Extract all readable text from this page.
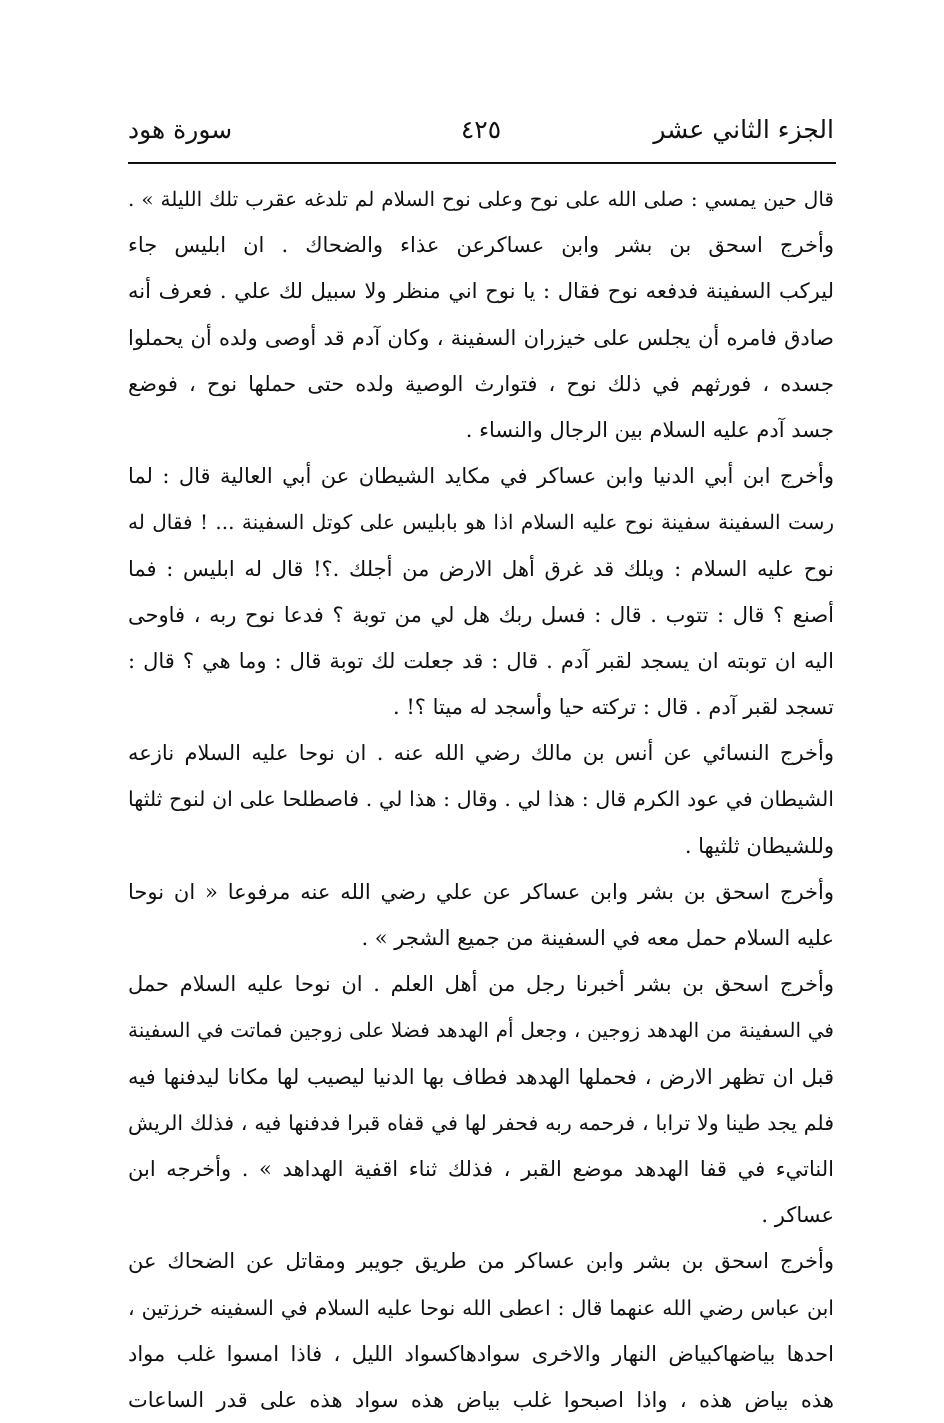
الجزء الثاني عشر
٤٢٥
سورة هود
قال حين يمسي : صلى الله على نوح وعلى نوح السلام لم تلدغه عقرب تلك الليلة » .
وأخرج اسحق بن بشر وابن عساكرعن عذاء والضحاك . ان ابليس جاء
ليركب السفينة فدفعه نوح فقال : يا نوح اني منظر ولا سبيل لك علي . فعرف أنه
صادق فامره أن يجلس على خيزران السفينة ، وكان آدم قد أوصى ولده أن يحملوا
جسده ، فورثهم في ذلك نوح ، فتوارث الوصية ولده حتى حملها نوح ، فوضع
جسد آدم عليه السلام بين الرجال والنساء .
وأخرج ابن أبي الدنيا وابن عساكر في مكايد الشيطان عن أبي العالية قال : لما
رست السفينة سفينة نوح عليه السلام اذا هو بابليس على كوتل السفينة ... ! فقال له
نوح عليه السلام : ويلك قد غرق أهل الارض من أجلك .؟! قال له ابليس : فما
أصنع ؟ قال : تتوب . قال : فسل ربك هل لي من توبة ؟ فدعا نوح ربه ، فاوحى
اليه ان توبته ان يسجد لقبر آدم . قال : قد جعلت لك توبة قال : وما هي ؟ قال :
تسجد لقبر آدم . قال : تركته حيا وأسجد له ميتا ؟! .
وأخرج النسائي عن أنس بن مالك رضي الله عنه . ان نوحا عليه السلام نازعه
الشيطان في عود الكرم قال : هذا لي . وقال : هذا لي . فاصطلحا على ان لنوح ثلثها
وللشيطان ثلثيها .
وأخرج اسحق بن بشر وابن عساكر عن علي رضي الله عنه مرفوعا « ان نوحا
عليه السلام حمل معه في السفينة من جميع الشجر » .
وأخرج اسحق بن بشر أخبرنا رجل من أهل العلم . ان نوحا عليه السلام حمل
في السفينة من الهدهد زوجين ، وجعل أم الهدهد فضلا على زوجين فماتت في السفينة
قبل ان تظهر الارض ، فحملها الهدهد فطاف بها الدنيا ليصيب لها مكانا ليدفنها فيه
فلم يجد طينا ولا ترابا ، فرحمه ربه فحفر لها في قفاه قبرا فدفنها فيه ، فذلك الريش
الناتيء في قفا الهدهد موضع القبر ، فذلك ثناء اقفية الهداهد » . وأخرجه ابن
عساكر .
وأخرج اسحق بن بشر وابن عساكر من طريق جويبر ومقاتل عن الضحاك عن
ابن عباس رضي الله عنهما قال : اعطى الله نوحا عليه السلام في السفينه خرزتين ،
احدها بياضهاكبياض النهار والاخرى سوادهاكسواد الليل ، فاذا امسوا غلب مواد
هذه بياض هذه ، واذا اصبحوا غلب بياض هذه سواد هذه على قدر الساعات
